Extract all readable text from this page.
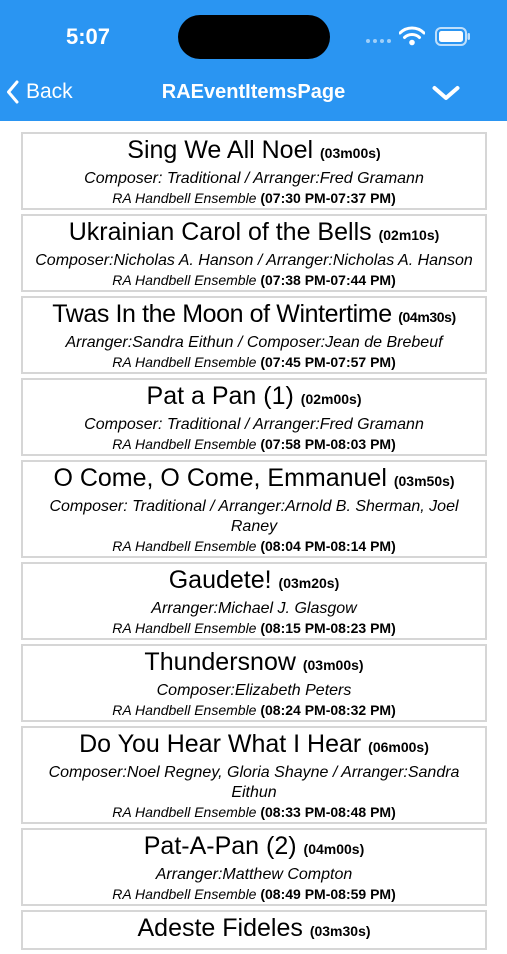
5:07
Back	RAEventItemsPage
Sing We All Noel (03m00s)
Composer: Traditional / Arranger:Fred Gramann
RA Handbell Ensemble (07:30 PM-07:37 PM)
Ukrainian Carol of the Bells (02m10s)
Composer:Nicholas A. Hanson / Arranger:Nicholas A. Hanson
RA Handbell Ensemble (07:38 PM-07:44 PM)
Twas In the Moon of Wintertime (04m30s)
Arranger:Sandra Eithun / Composer:Jean de Brebeuf
RA Handbell Ensemble (07:45 PM-07:57 PM)
Pat a Pan (1) (02m00s)
Composer: Traditional / Arranger:Fred Gramann
RA Handbell Ensemble (07:58 PM-08:03 PM)
O Come, O Come, Emmanuel (03m50s)
Composer: Traditional / Arranger:Arnold B. Sherman, Joel Raney
RA Handbell Ensemble (08:04 PM-08:14 PM)
Gaudete! (03m20s)
Arranger:Michael J. Glasgow
RA Handbell Ensemble (08:15 PM-08:23 PM)
Thundersnow (03m00s)
Composer:Elizabeth Peters
RA Handbell Ensemble (08:24 PM-08:32 PM)
Do You Hear What I Hear (06m00s)
Composer:Noel Regney, Gloria Shayne / Arranger:Sandra Eithun
RA Handbell Ensemble (08:33 PM-08:48 PM)
Pat-A-Pan (2) (04m00s)
Arranger:Matthew Compton
RA Handbell Ensemble (08:49 PM-08:59 PM)
Adeste Fideles (03m30s)
